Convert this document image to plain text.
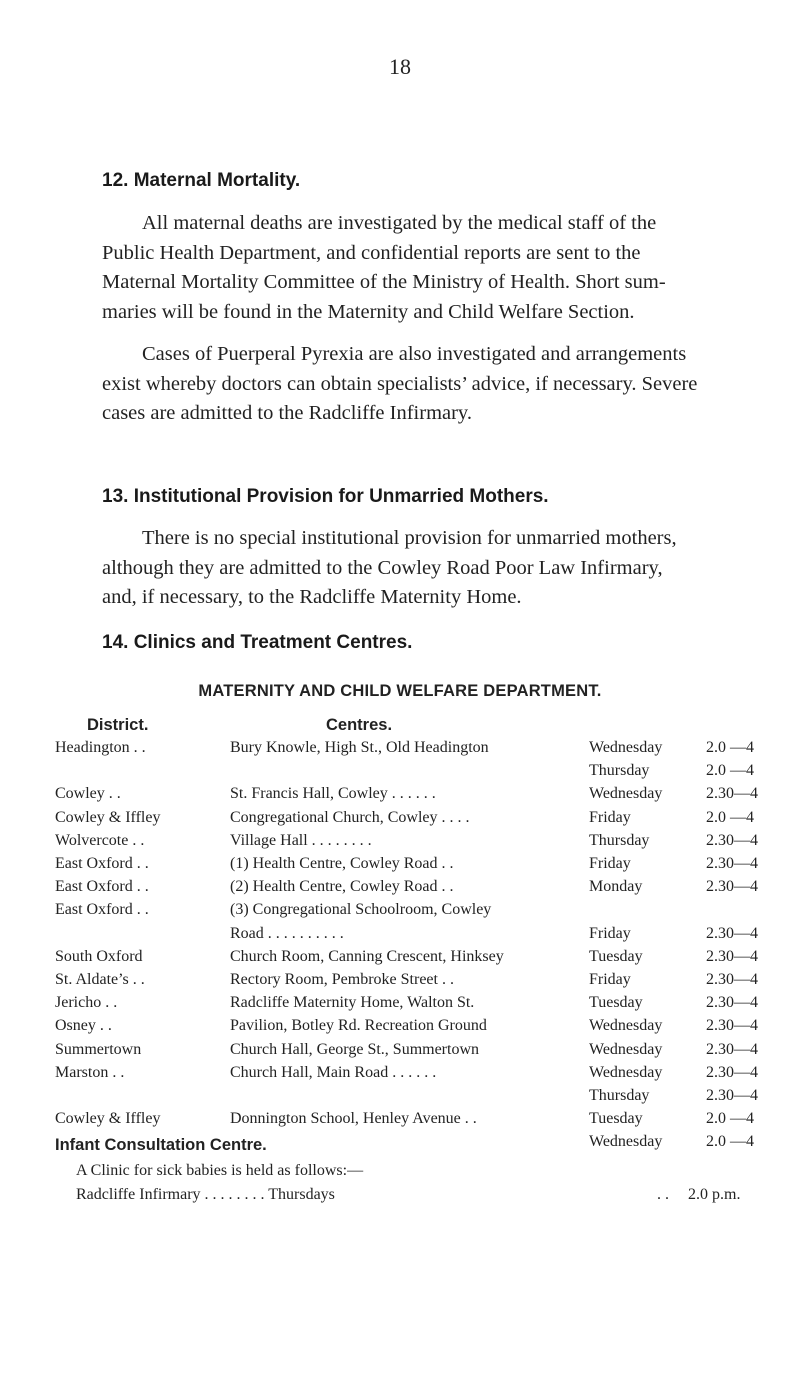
18
12. Maternal Mortality.
All maternal deaths are investigated by the medical staff of the
Public Health Department, and confidential reports are sent to the
Maternal Mortality Committee of the Ministry of Health. Short sum-
maries will be found in the Maternity and Child Welfare Section.
Cases of Puerperal Pyrexia are also investigated and arrangements
exist whereby doctors can obtain specialists’ advice, if necessary. Severe
cases are admitted to the Radcliffe Infirmary.
13. Institutional Provision for Unmarried Mothers.
There is no special institutional provision for unmarried mothers,
although they are admitted to the Cowley Road Poor Law Infirmary,
and, if necessary, to the Radcliffe Maternity Home.
14. Clinics and Treatment Centres.
MATERNITY AND CHILD WELFARE DEPARTMENT.
District.	Centres.
Headington . .	Bury Knowle, High St., Old Headington	Wednesday	2.0 —4
Thursday	2.0 —4
Cowley . .	St. Francis Hall, Cowley . . . . . .	Wednesday	2.30—4
Cowley & Iffley	Congregational Church, Cowley . . . .	Friday	2.0 —4
Wolvercote . .	Village Hall . . . . . . . .	Thursday	2.30—4
East Oxford . .	(1) Health Centre, Cowley Road . .	Friday	2.30—4
East Oxford . .	(2) Health Centre, Cowley Road . .	Monday	2.30—4
East Oxford . .	(3) Congregational Schoolroom, Cowley
Road . . . . . . . . . .	Friday	2.30—4
South Oxford	Church Room, Canning Crescent, Hinksey	Tuesday	2.30—4
St. Aldate’s . .	Rectory Room, Pembroke Street . .	Friday	2.30—4
Jericho . .	Radcliffe Maternity Home, Walton St.	Tuesday	2.30—4
Osney . .	Pavilion, Botley Rd. Recreation Ground	Wednesday	2.30—4
Summertown	Church Hall, George St., Summertown	Wednesday	2.30—4
Marston . .	Church Hall, Main Road . . . . . .	Wednesday	2.30—4
Thursday	2.30—4
Cowley & Iffley	Donnington School, Henley Avenue . .	Tuesday	2.0 —4
Wednesday	2.0 —4
Infant Consultation Centre.
A Clinic for sick babies is held as follows:—
Radcliffe Infirmary . . . . . . . . Thursdays	. . 2.0 p.m.
